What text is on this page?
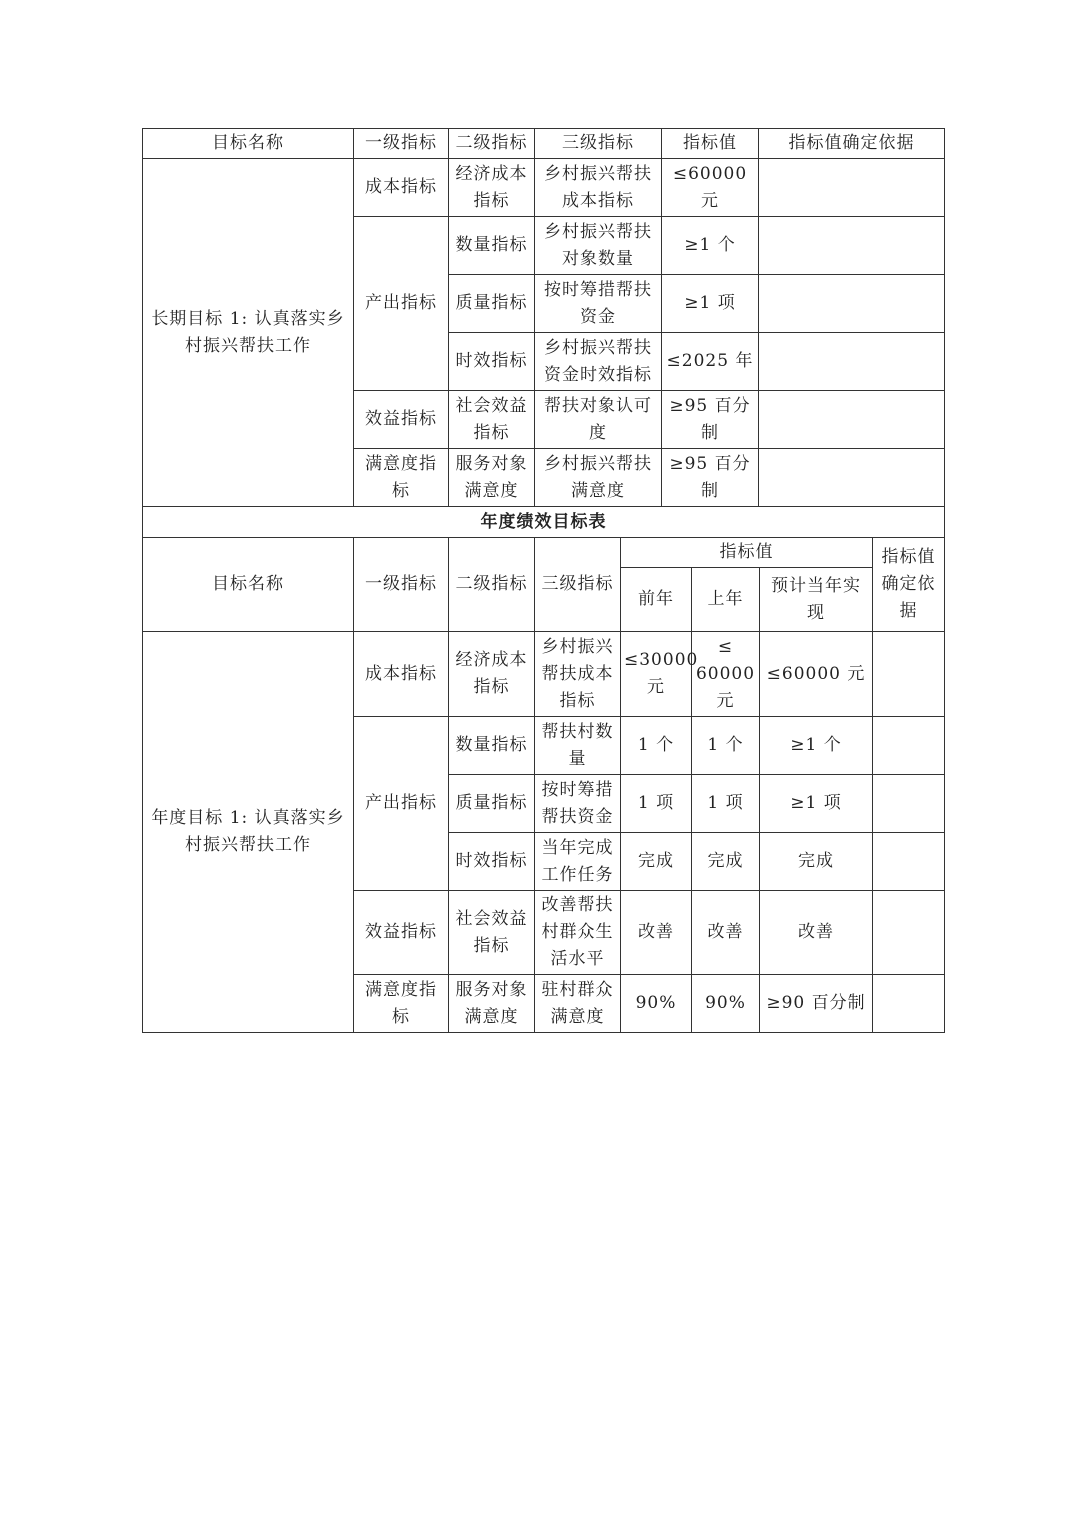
目标名称	一级指标	二级指标	三级指标	指标值	指标值确定依据
长期目标 1: 认真落实乡村振兴帮扶工作	成本指标	经济成本指标	乡村振兴帮扶成本指标	≤60000 元	
	产出指标	数量指标	乡村振兴帮扶对象数量	≥1 个	
		质量指标	按时筹措帮扶资金	≥1 项	
		时效指标	乡村振兴帮扶资金时效指标	≤2025 年	
	效益指标	社会效益指标	帮扶对象认可度	≥95 百分制	
	满意度指标	服务对象满意度	乡村振兴帮扶满意度	≥95 百分制	
年度绩效目标表					
目标名称	一级指标	二级指标	三级指标	指标值			指标值确定依据
				前年	上年	预计当年实现	
年度目标 1: 认真落实乡村振兴帮扶工作	成本指标	经济成本指标	乡村振兴帮扶成本指标	≤30000 元	≤ 60000 元	≤60000 元	
	产出指标	数量指标	帮扶村数量	1 个	1 个	≥1 个	
		质量指标	按时筹措帮扶资金	1 项	1 项	≥1 项	
		时效指标	当年完成工作任务	完成	完成	完成	
	效益指标	社会效益指标	改善帮扶村群众生活水平	改善	改善	改善	
	满意度指标	服务对象满意度	驻村群众满意度	90%	90%	≥90 百分制	
